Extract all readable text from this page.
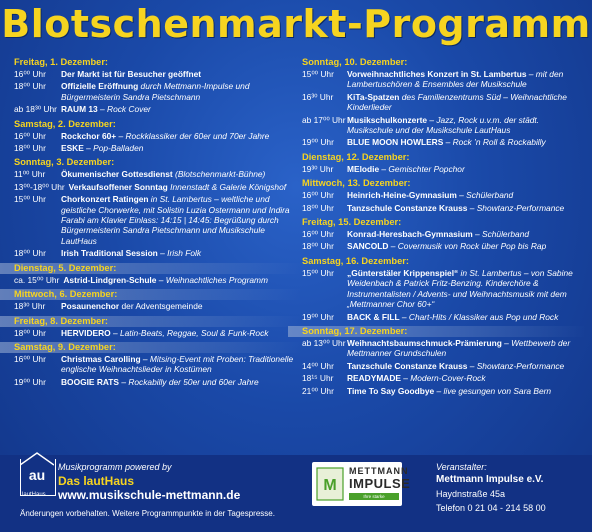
Blotschenmarkt-Programm
Freitag, 1. Dezember:
16⁰⁰ Uhr	Der Markt ist für Besucher geöffnet
18⁰⁰ Uhr	Offizielle Eröffnung durch Mettmann-Impulse und Bürgermeisterin Sandra Pietschmann
ab 18³⁰ Uhr RAUM 13 – Rock Cover
Samstag, 2. Dezember:
16⁰⁰ Uhr	Rockchor 60+ – Rockklassiker der 60er und 70er Jahre
18⁰⁰ Uhr	ESKE – Pop-Balladen
Sonntag, 3. Dezember:
11⁰⁰ Uhr	Ökumenischer Gottesdienst (Blotschenmarkt-Bühne)
13⁰⁰-18⁰⁰ Uhr Verkaufsoffener Sonntag Innenstadt & Galerie Königshof
15⁰⁰ Uhr	Chorkonzert Ratingen in St. Lambertus – weltliche und geistliche Chorwerke, mit Solistin Luzia Ostermann und Indira Farabi am Klavier Einlass: 14:15 | 14:45: Begrüßung durch Bürgermeisterin Sandra Pietschmann und Musikschule LautHaus
18⁰⁰ Uhr	Irish Traditional Session – Irish Folk
Dienstag, 5. Dezember:
ca. 15⁰⁰ Uhr Astrid-Lindgren-Schule – Weihnachtliches Programm
Mittwoch, 6. Dezember:
18³⁰ Uhr	Posaunenchor der Adventsgemeinde
Freitag, 8. Dezember:
18⁰⁰ Uhr	HERVIDERO – Latin-Beats, Reggae, Soul & Funk-Rock
Samstag, 9. Dezember:
16⁰⁰ Uhr	Christmas Carolling – Mitsing-Event mit Proben: Traditionelle englische Weihnachtslieder in Kostümen
19⁰⁰ Uhr	BOOGIE RATS – Rockabilly der 50er und 60er Jahre
Sonntag, 10. Dezember:
15⁰⁰ Uhr	Vorweihnachtliches Konzert in St. Lambertus – mit den Lambertuschören & Ensembles der Musikschule
16³⁰ Uhr	KiTa-Spatzen des Familienzentrums Süd – Weihnachtliche Kinderlieder
ab 17⁰⁰ Uhr Musikschulkonzerte – Jazz, Rock u.v.m. der städt. Musikschule und der Musikschule LautHaus
19⁰⁰ Uhr	BLUE MOON HOWLERS – Rock ’n Roll & Rockabilly
Dienstag, 12. Dezember:
19³⁰ Uhr	MElodie – Gemischter Popchor
Mittwoch, 13. Dezember:
16⁰⁰ Uhr	Heinrich-Heine-Gymnasium – Schülerband
18⁰⁰ Uhr	Tanzschule Constanze Krauss – Showtanz-Performance
Freitag, 15. Dezember:
16⁰⁰ Uhr	Konrad-Heresbach-Gymnasium – Schülerband
18⁰⁰ Uhr	SANCOLD – Covermusik von Rock über Pop bis Rap
Samstag, 16. Dezember:
15⁰⁰ Uhr	„Günterstäler Krippenspiel“ in St. Lambertus – von Sabine Weidenbach & Patrick Fritz-Benzing. Kinderchöre & Instrumentalisten / Advents- und Weihnachtsmusik mit dem „Mettmanner Chor 60+“
19⁰⁰ Uhr	BACK & FILL – Chart-Hits / Klassiker aus Pop und Rock
Sonntag, 17. Dezember:
ab 13⁰⁰ Uhr Weihnachtsbaumschmuck-Prämierung – Wettbewerb der Mettmanner Grundschulen
14⁰⁰ Uhr	Tanzschule Constanze Krauss – Showtanz-Performance
18¹⁵ Uhr	READYMADE – Modern-Cover-Rock
21⁰⁰ Uhr	Time To Say Goodbye – live gesungen von Sara Bern
au
lautHaus
Musikprogramm powered by
Das lautHaus
www.musikschule-mettmann.de
Änderungen vorbehalten. Weitere Programmpunkte in der Tagespresse.
M
METTMANN
IMPULSE
Ihre starke Werbegemeinschaft
Veranstalter:
Mettmann Impulse e.V.
Haydnstraße 45a
Telefon 0 21 04 - 214 58 00
